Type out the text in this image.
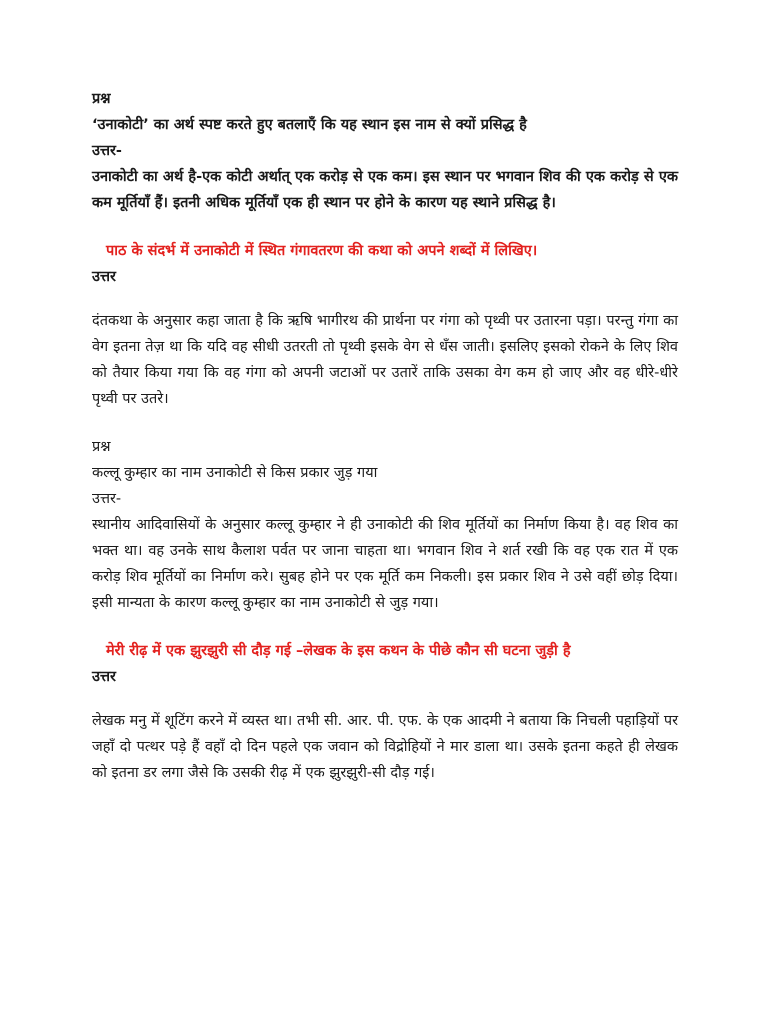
प्रश्न
‘उनाकोटी’ का अर्थ स्पष्ट करते हुए बतलाएँ कि यह स्थान इस नाम से क्यों प्रसिद्ध है
उत्तर-
उनाकोटी का अर्थ है-एक कोटी अर्थात् एक करोड़ से एक कम। इस स्थान पर भगवान शिव की एक करोड़ से एक कम मूर्तियाँ हैं। इतनी अधिक मूर्तियाँ एक ही स्थान पर होने के कारण यह स्थाने प्रसिद्ध है।
पाठ के संदर्भ में उनाकोटी में स्थित गंगावतरण की कथा को अपने शब्दों में लिखिए।
उत्तर
दंतकथा के अनुसार कहा जाता है कि ऋषि भागीरथ की प्रार्थना पर गंगा को पृथ्वी पर उतारना पड़ा। परन्तु गंगा का वेग इतना तेज़ था कि यदि वह सीधी उतरती तो पृथ्वी इसके वेग से धँस जाती। इसलिए इसको रोकने के लिए शिव को तैयार किया गया कि वह गंगा को अपनी जटाओं पर उतारें ताकि उसका वेग कम हो जाए और वह धीरे-धीरे पृथ्वी पर उतरे।
प्रश्न
कल्लू कुम्हार का नाम उनाकोटी से किस प्रकार जुड़ गया
उत्तर-
स्थानीय आदिवासियों के अनुसार कल्लू कुम्हार ने ही उनाकोटी की शिव मूर्तियों का निर्माण किया है। वह शिव का भक्त था। वह उनके साथ कैलाश पर्वत पर जाना चाहता था। भगवान शिव ने शर्त रखी कि वह एक रात में एक करोड़ शिव मूर्तियों का निर्माण करे। सुबह होने पर एक मूर्ति कम निकली। इस प्रकार शिव ने उसे वहीं छोड़ दिया। इसी मान्यता के कारण कल्लू कुम्हार का नाम उनाकोटी से जुड़ गया।
मेरी रीढ़ में एक झुरझुरी सी दौड़ गई –लेखक के इस कथन के पीछे कौन सी घटना जुड़ी है
उत्तर
लेखक मनु में शूटिंग करने में व्यस्त था। तभी सी. आर. पी. एफ. के एक आदमी ने बताया कि निचली पहाड़ियों पर जहाँ दो पत्थर पड़े हैं वहाँ दो दिन पहले एक जवान को विद्रोहियों ने मार डाला था। उसके इतना कहते ही लेखक को इतना डर लगा जैसे कि उसकी रीढ़ में एक झुरझुरी-सी दौड़ गई।
